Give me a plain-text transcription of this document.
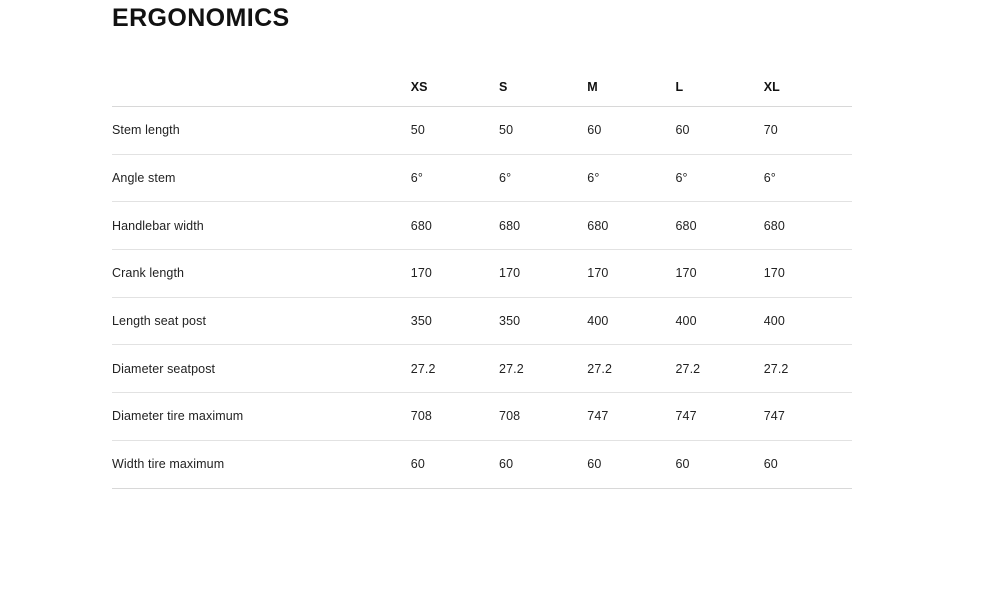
ERGONOMICS
	XS	S	M	L	XL
Stem length	50	50	60	60	70
Angle stem	6°	6°	6°	6°	6°
Handlebar width	680	680	680	680	680
Crank length	170	170	170	170	170
Length seat post	350	350	400	400	400
Diameter seatpost	27.2	27.2	27.2	27.2	27.2
Diameter tire maximum	708	708	747	747	747
Width tire maximum	60	60	60	60	60
